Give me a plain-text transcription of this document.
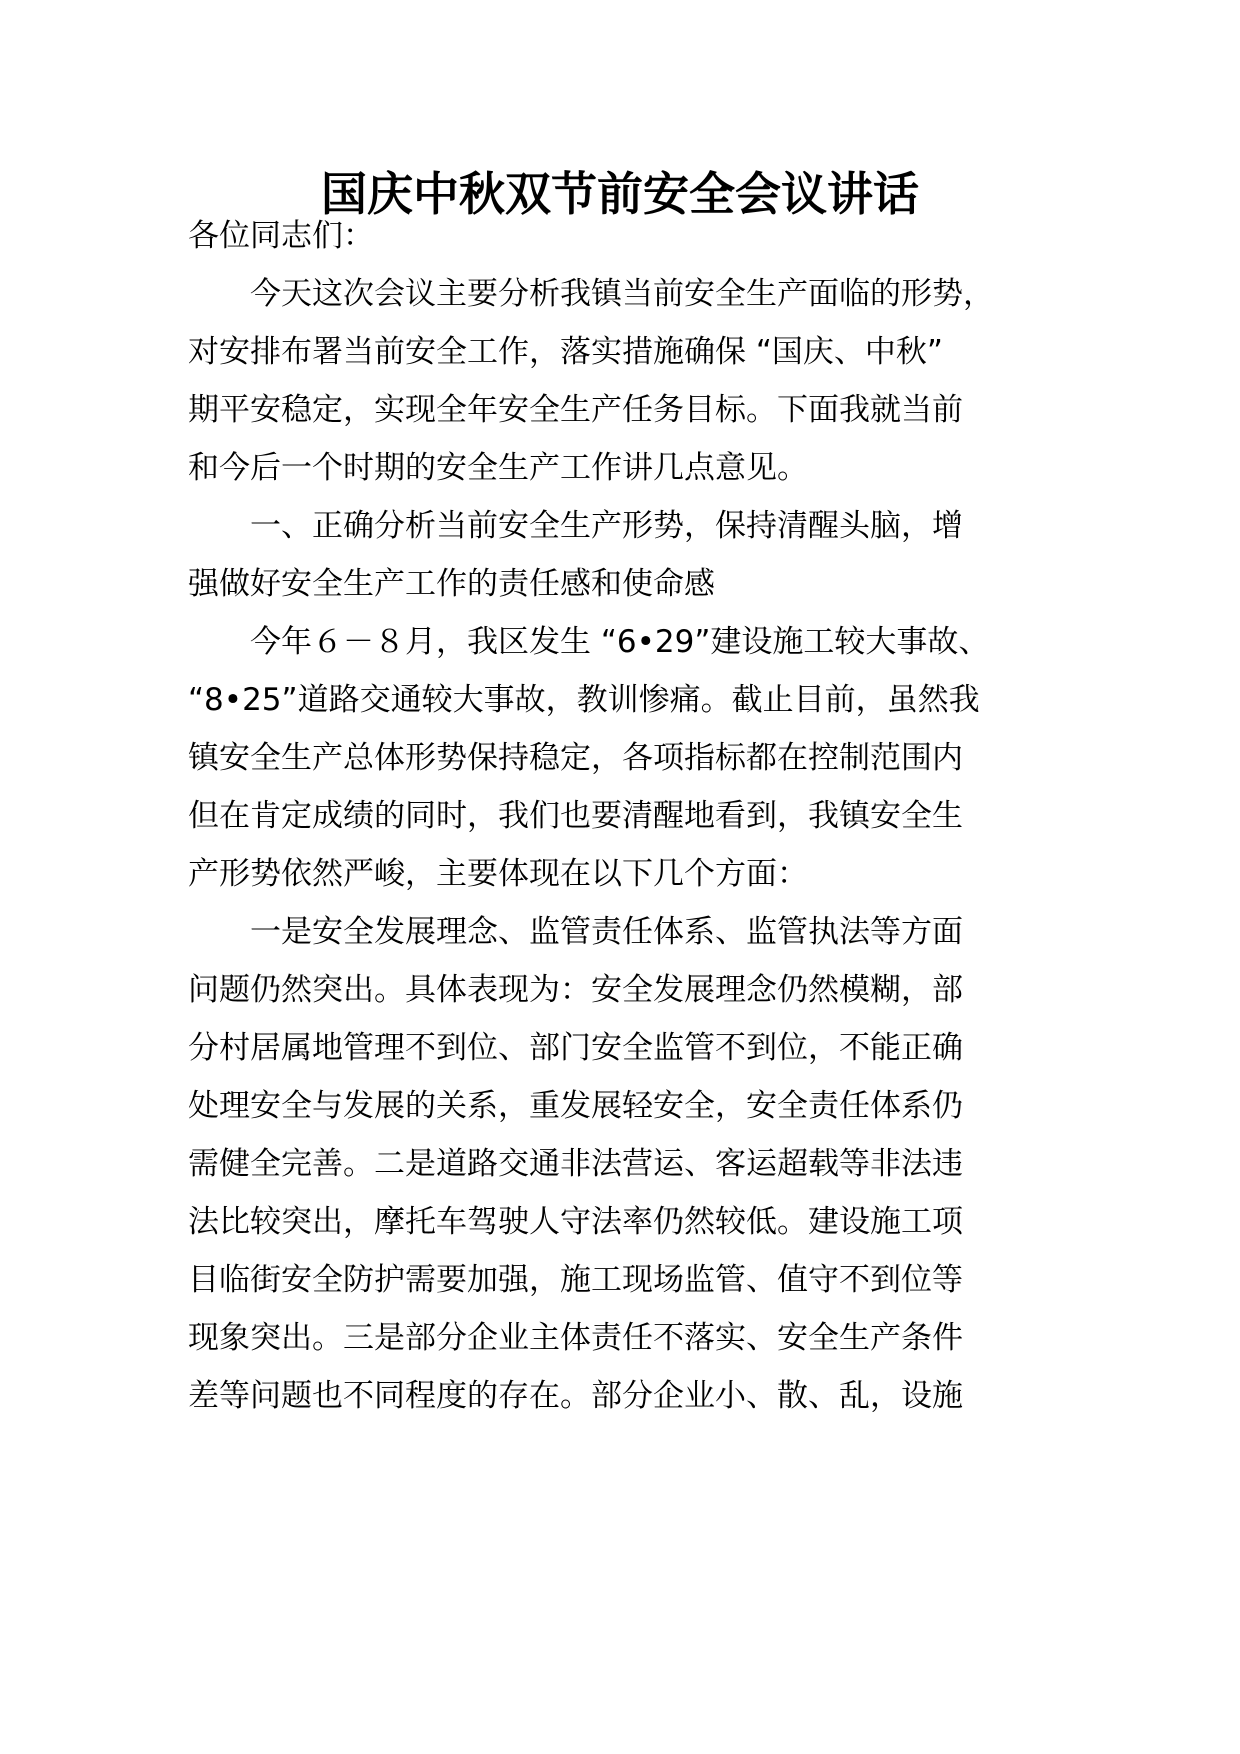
国庆中秋双节前安全会议讲话

各位同志们：

　　今天这次会议主要分析我镇当前安全生产面临的形势，

对安排布署当前安全工作，落实措施确保 “国庆、中秋”

期平安稳定，实现全年安全生产任务目标。下面我就当前

和今后一个时期的安全生产工作讲几点意见。

　　一、正确分析当前安全生产形势，保持清醒头脑，增

强做好安全生产工作的责任感和使命感

　　今年６－８月，我区发生 “6•29”建设施工较大事故、

“8•25”道路交通较大事故，教训惨痛。截止目前，虽然我

镇安全生产总体形势保持稳定，各项指标都在控制范围内

但在肯定成绩的同时，我们也要清醒地看到，我镇安全生

产形势依然严峻，主要体现在以下几个方面：

　　一是安全发展理念、监管责任体系、监管执法等方面

问题仍然突出。具体表现为：安全发展理念仍然模糊，部

分村居属地管理不到位、部门安全监管不到位，不能正确

处理安全与发展的关系，重发展轻安全，安全责任体系仍

需健全完善。二是道路交通非法营运、客运超载等非法违

法比较突出，摩托车驾驶人守法率仍然较低。建设施工项

目临街安全防护需要加强，施工现场监管、值守不到位等

现象突出。三是部分企业主体责任不落实、安全生产条件

差等问题也不同程度的存在。部分企业小、散、乱，设施
